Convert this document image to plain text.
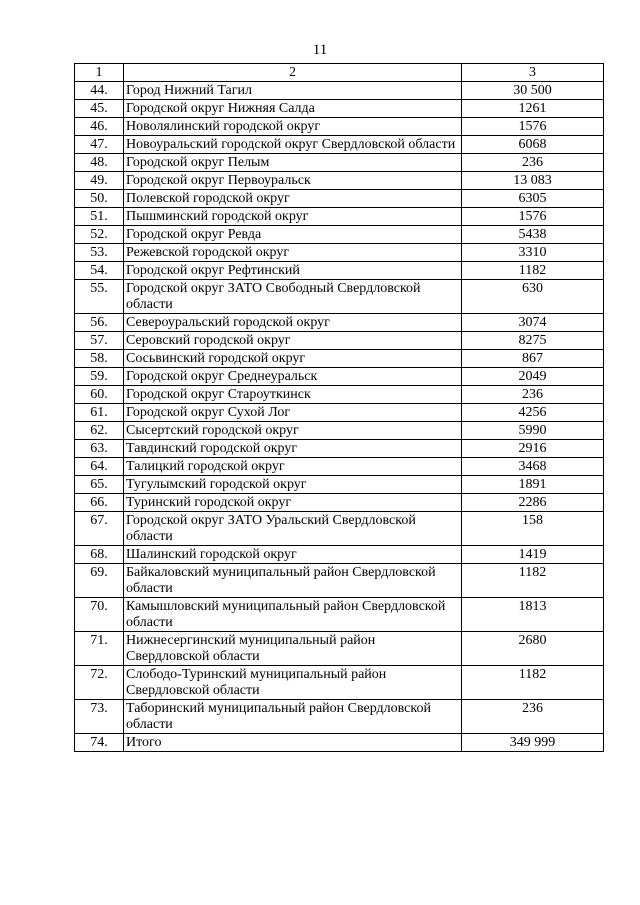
11
1	2	3
44.	Город Нижний Тагил	30 500
45.	Городской округ Нижняя Салда	1261
46.	Новолялинский городской округ	1576
47.	Новоуральский городской округ Свердловской области	6068
48.	Городской округ Пелым	236
49.	Городской округ Первоуральск	13 083
50.	Полевской городской округ	6305
51.	Пышминский городской округ	1576
52.	Городской округ Ревда	5438
53.	Режевской городской округ	3310
54.	Городской округ Рефтинский	1182
55.	Городской округ ЗАТО Свободный Свердловской области	630
56.	Североуральский городской округ	3074
57.	Серовский городской округ	8275
58.	Сосьвинский городской округ	867
59.	Городской округ Среднеуральск	2049
60.	Городской округ Староуткинск	236
61.	Городской округ Сухой Лог	4256
62.	Сысертский городской округ	5990
63.	Тавдинский городской округ	2916
64.	Талицкий городской округ	3468
65.	Тугулымский городской округ	1891
66.	Туринский городской округ	2286
67.	Городской округ ЗАТО Уральский Свердловской области	158
68.	Шалинский городской округ	1419
69.	Байкаловский муниципальный район Свердловской области	1182
70.	Камышловский муниципальный район Свердловской области	1813
71.	Нижнесергинский муниципальный район Свердловской области	2680
72.	Слободо-Туринский муниципальный район Свердловской области	1182
73.	Таборинский муниципальный район Свердловской области	236
74.	Итого	349 999
